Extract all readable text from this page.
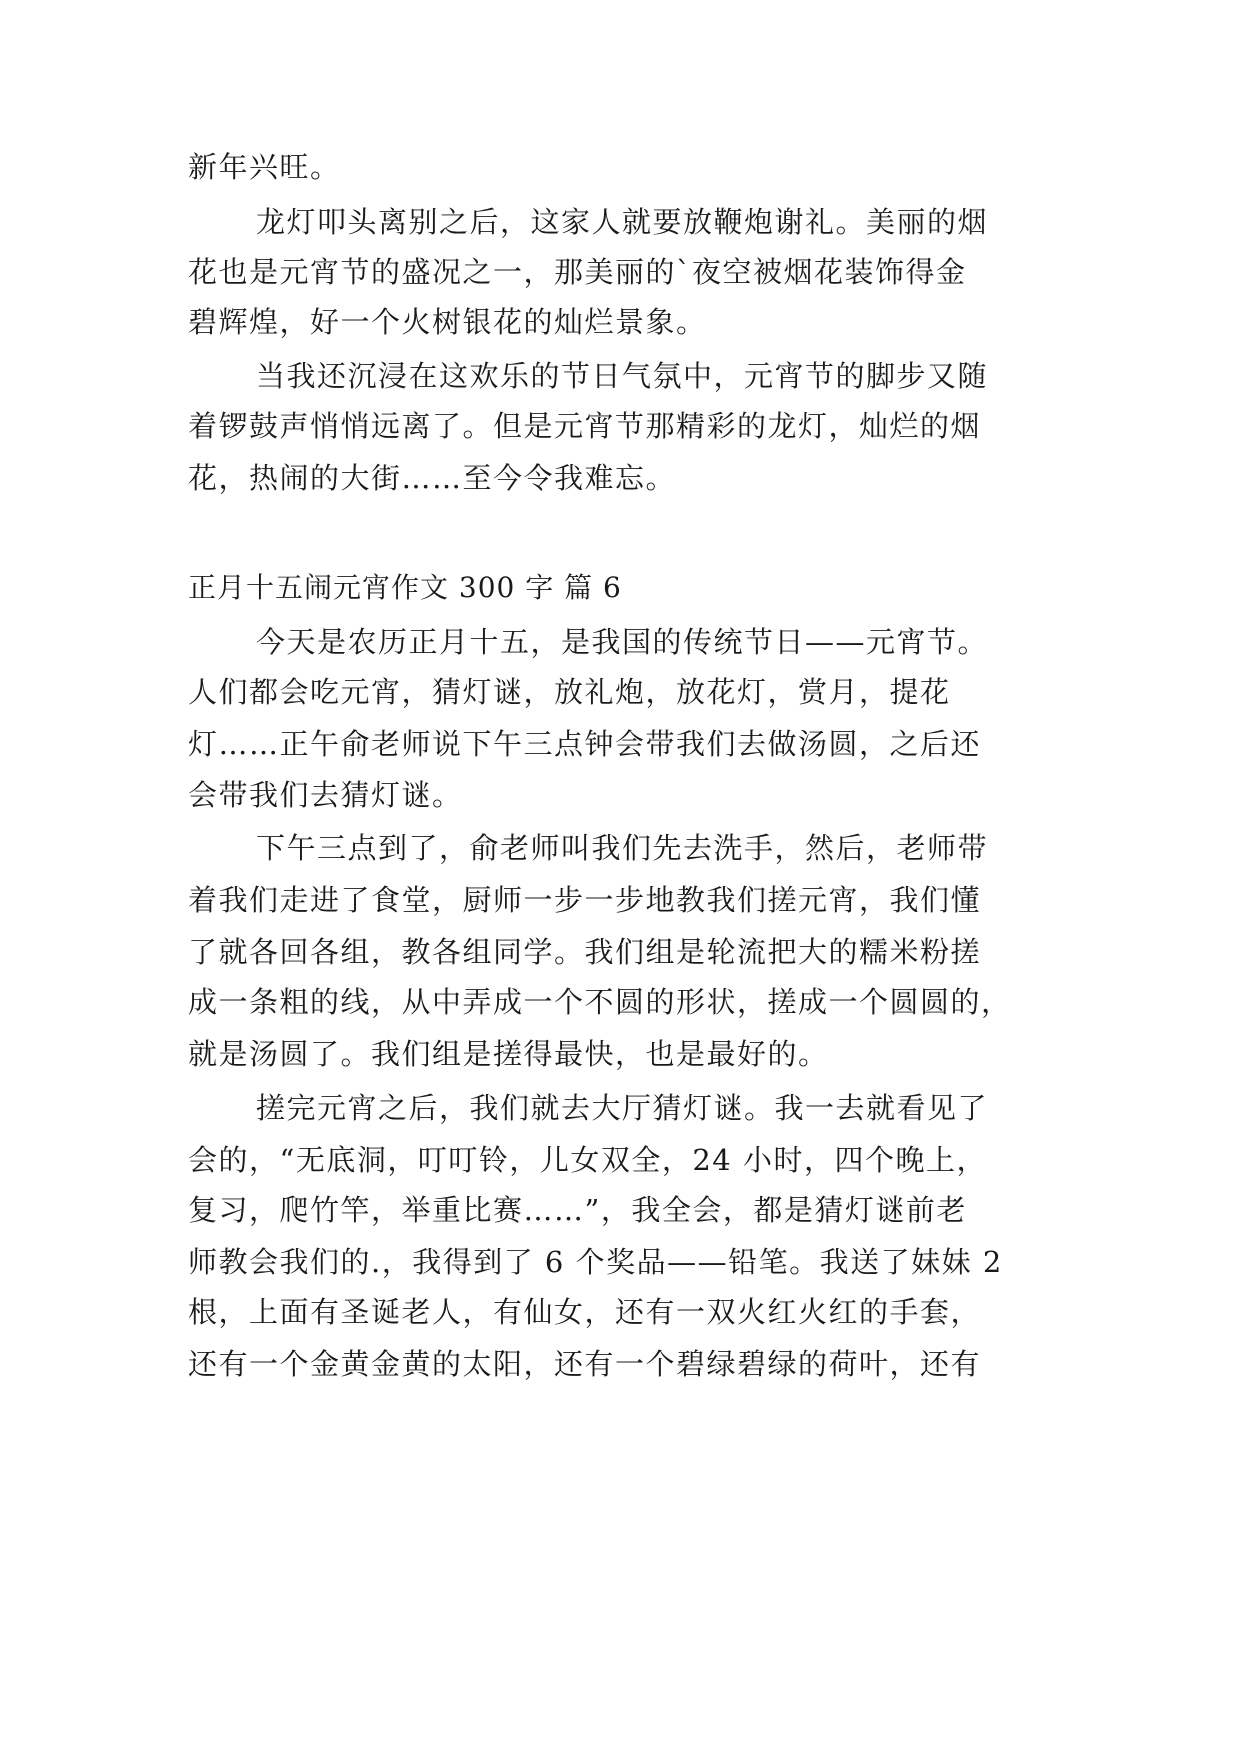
新年兴旺。

龙灯叩头离别之后，这家人就要放鞭炮谢礼。美丽的烟

花也是元宵节的盛况之一，那美丽的`夜空被烟花装饰得金

碧辉煌，好一个火树银花的灿烂景象。

当我还沉浸在这欢乐的节日气氛中，元宵节的脚步又随

着锣鼓声悄悄远离了。但是元宵节那精彩的龙灯，灿烂的烟

花，热闹的大街……至今令我难忘。

正月十五闹元宵作文 300 字 篇 6

今天是农历正月十五，是我国的传统节日——元宵节。

人们都会吃元宵，猜灯谜，放礼炮，放花灯，赏月，提花

灯……正午俞老师说下午三点钟会带我们去做汤圆，之后还

会带我们去猜灯谜。

下午三点到了，俞老师叫我们先去洗手，然后，老师带

着我们走进了食堂，厨师一步一步地教我们搓元宵，我们懂

了就各回各组，教各组同学。我们组是轮流把大的糯米粉搓

成一条粗的线，从中弄成一个不圆的形状，搓成一个圆圆的，

就是汤圆了。我们组是搓得最快，也是最好的。

搓完元宵之后，我们就去大厅猜灯谜。我一去就看见了

会的，“无底洞，叮叮铃，儿女双全，24 小时，四个晚上，

复习，爬竹竿，举重比赛……”，我全会，都是猜灯谜前老

师教会我们的.，我得到了 6 个奖品——铅笔。我送了妹妹 2

根，上面有圣诞老人，有仙女，还有一双火红火红的手套，

还有一个金黄金黄的太阳，还有一个碧绿碧绿的荷叶，还有
